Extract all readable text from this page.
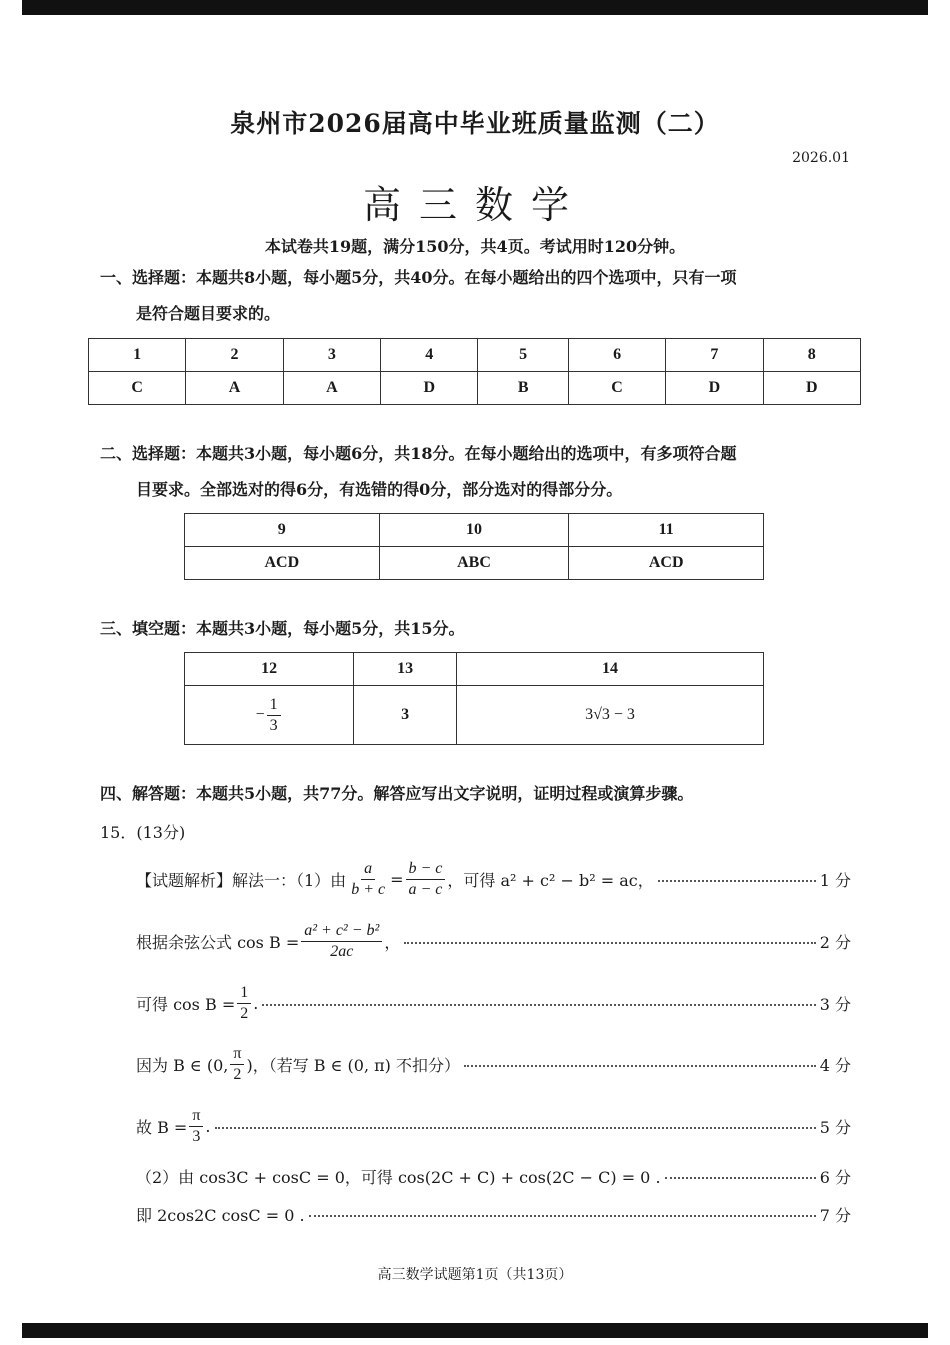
泉州市2026届高中毕业班质量监测（二）
2026.01
高三数学
本试卷共19题，满分150分，共4页。考试用时120分钟。
一、选择题：本题共8小题，每小题5分，共40分。在每小题给出的四个选项中，只有一项
是符合题目要求的。
1	2	3	4	5	6	7	8
C	A	A	D	B	C	D	D
二、选择题：本题共3小题，每小题6分，共18分。在每小题给出的选项中，有多项符合题
目要求。全部选对的得6分，有选错的得0分，部分选对的得部分分。
9	10	11
ACD	ABC	ACD
三、填空题：本题共3小题，每小题5分，共15分。
12	13	14

− $\frac{1}{3}$	3	3√3 − 3
四、解答题：本题共5小题，共77分。解答应写出文字说明，证明过程或演算步骤。
15．(13分)
【试题解析】解法一：（1）由 $\frac{a}{b + c} = \frac{b - c}{a - c}$ ，可得 a² + c² − b² = ac，	1 分
根据余弦公式 $\cos B = \frac{\text{a² + c² − b²}}{2ac}$ ，	2 分
可得 $\cos B = \frac{1}{2}$ .	3 分
因为 B ∈ (0, $\frac{\pi}{2}$ )，（若写 B ∈ (0, π) 不扣分）	4 分
故 $B = \frac{\pi}{3}$ .	5 分
（2）由 cos3C + cosC = 0，可得 cos(2C + C) + cos(2C − C) = 0 .	6 分
即 2cos2C cosC = 0 .	7 分
高三数学试题第1页（共13页）
